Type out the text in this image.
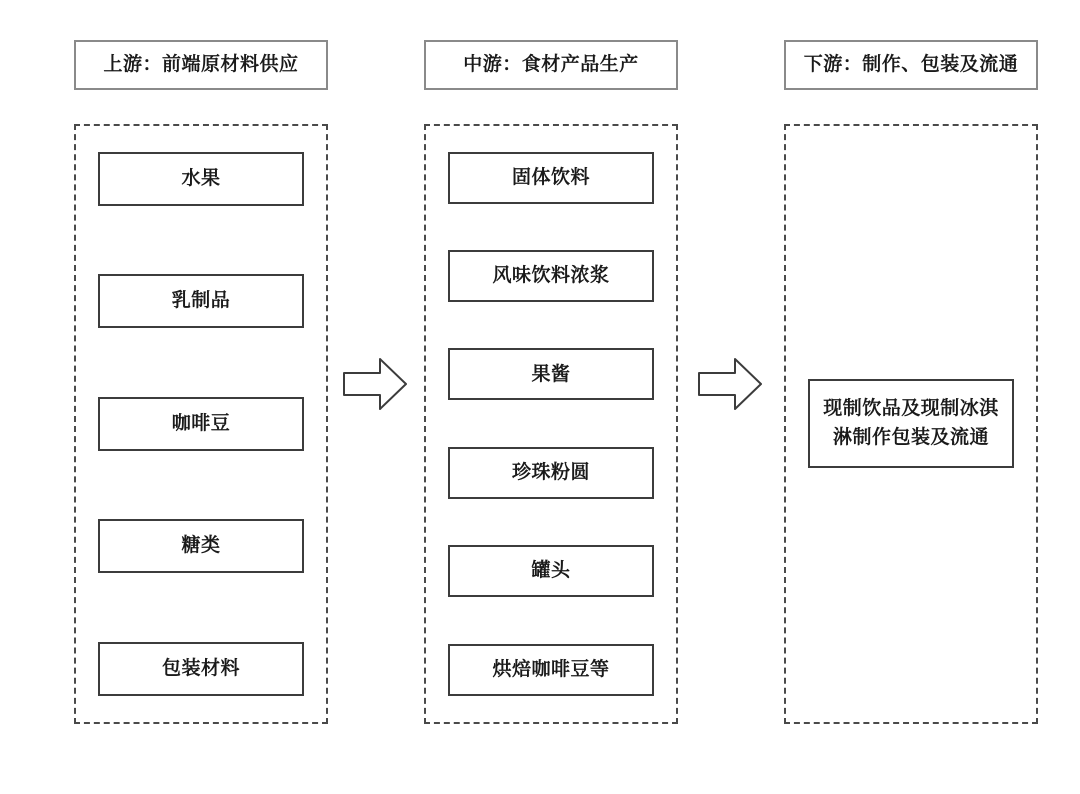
上游：前端原材料供应
水果
乳制品
咖啡豆
糖类
包装材料
中游：食材产品生产
固体饮料
风味饮料浓浆
果酱
珍珠粉圆
罐头
烘焙咖啡豆等
下游：制作、包装及流通
现制饮品及现制冰淇淋制作包装及流通
